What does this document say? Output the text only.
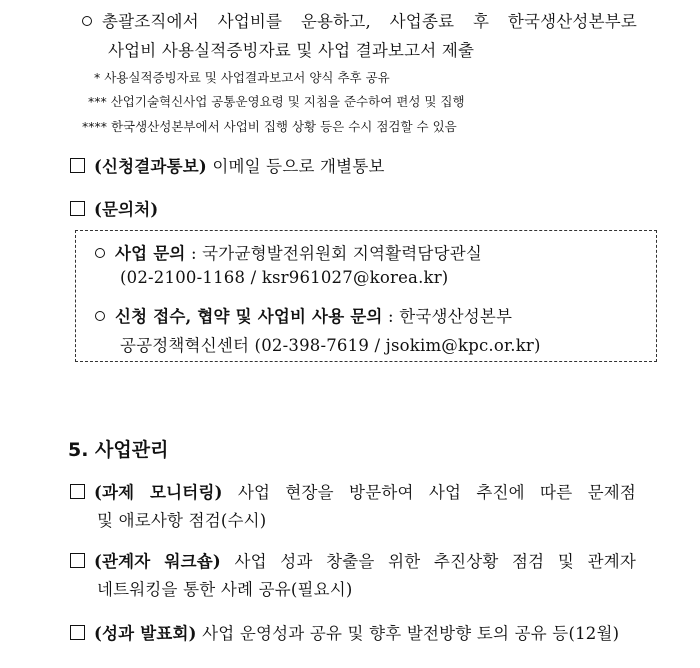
총괄조직에서 사업비를 운용하고, 사업종료 후 한국생산성본부로
사업비 사용실적증빙자료 및 사업 결과보고서 제출
* 사용실적증빙자료 및 사업결과보고서 양식 추후 공유
*** 산업기술혁신사업 공통운영요령 및 지침을 준수하여 편성 및 집행
**** 한국생산성본부에서 사업비 집행 상황 등은 수시 점검할 수 있음
(신청결과통보) 이메일 등으로 개별통보
(문의처)
사업 문의 : 국가균형발전위원회 지역활력담당관실
(02-2100-1168 / ksr961027@korea.kr)
신청 접수, 협약 및 사업비 사용 문의 : 한국생산성본부
공공정책혁신센터 (02-398-7619 / jsokim@kpc.or.kr)
5. 사업관리
(과제 모니터링) 사업 현장을 방문하여 사업 추진에 따른 문제점
및 애로사항 점검(수시)
(관계자 워크숍) 사업 성과 창출을 위한 추진상황 점검 및 관계자
네트워킹을 통한 사례 공유(필요시)
(성과 발표회) 사업 운영성과 공유 및 향후 발전방향 토의 공유 등(12월)
